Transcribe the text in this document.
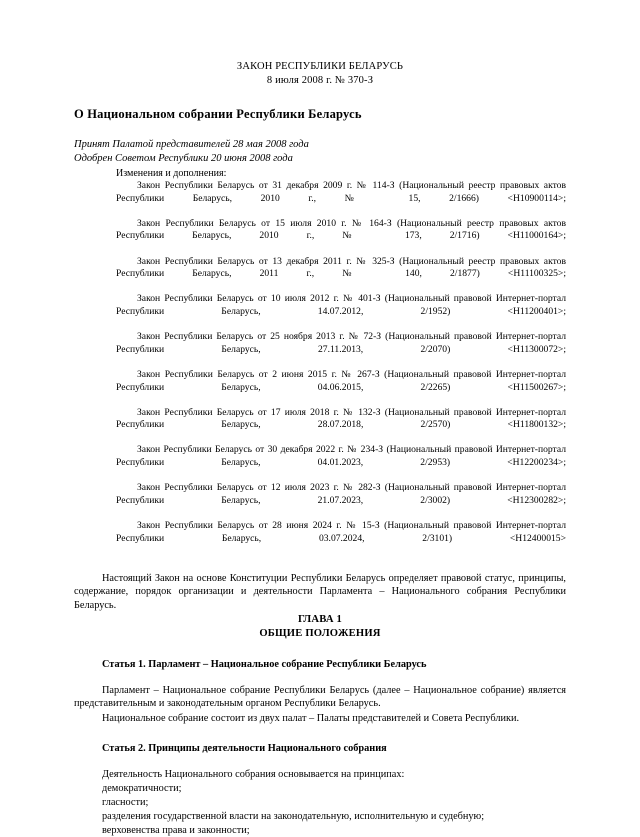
ЗАКОН РЕСПУБЛИКИ БЕЛАРУСЬ
8 июля 2008 г. № 370-З
О Национальном собрании Республики Беларусь
Принят Палатой представителей 28 мая 2008 года
Одобрен Советом Республики 20 июня 2008 года
Изменения и дополнения:

Закон Республики Беларусь от 31 декабря 2009 г. № 114-З (Национальный реестр правовых актов Республики Беларусь, 2010 г., № 15, 2/1666) <H10900114>;

Закон Республики Беларусь от 15 июля 2010 г. № 164-З (Национальный реестр правовых актов Республики Беларусь, 2010 г., № 173, 2/1716) <H11000164>;

Закон Республики Беларусь от 13 декабря 2011 г. № 325-З (Национальный реестр правовых актов Республики Беларусь, 2011 г., № 140, 2/1877) <H11100325>;

Закон Республики Беларусь от 10 июля 2012 г. № 401-З (Национальный правовой Интернет-портал Республики Беларусь, 14.07.2012, 2/1952) <H11200401>;

Закон Республики Беларусь от 25 ноября 2013 г. № 72-З (Национальный правовой Интернет-портал Республики Беларусь, 27.11.2013, 2/2070) <H11300072>;

Закон Республики Беларусь от 2 июня 2015 г. № 267-З (Национальный правовой Интернет-портал Республики Беларусь, 04.06.2015, 2/2265) <H11500267>;

Закон Республики Беларусь от 17 июля 2018 г. № 132-З (Национальный правовой Интернет-портал Республики Беларусь, 28.07.2018, 2/2570) <H11800132>;

Закон Республики Беларусь от 30 декабря 2022 г. № 234-З (Национальный правовой Интернет-портал Республики Беларусь, 04.01.2023, 2/2953) <H12200234>;

Закон Республики Беларусь от 12 июля 2023 г. № 282-З (Национальный правовой Интернет-портал Республики Беларусь, 21.07.2023, 2/3002) <H12300282>;

Закон Республики Беларусь от 28 июня 2024 г. № 15-З (Национальный правовой Интернет-портал Республики Беларусь, 03.07.2024, 2/3101) <H12400015>

Настоящий Закон на основе Конституции Республики Беларусь определяет правовой статус, принципы, содержание, порядок организации и деятельности Парламента – Национального собрания Республики Беларусь.
ГЛАВА 1
ОБЩИЕ ПОЛОЖЕНИЯ
Статья 1. Парламент – Национальное собрание Республики Беларусь
Парламент – Национальное собрание Республики Беларусь (далее – Национальное собрание) является представительным и законодательным органом Республики Беларусь.
Национальное собрание состоит из двух палат – Палаты представителей и Совета Республики.
Статья 2. Принципы деятельности Национального собрания
Деятельность Национального собрания основывается на принципах:
демократичности;
гласности;
разделения государственной власти на законодательную, исполнительную и судебную;
верховенства права и законности;
